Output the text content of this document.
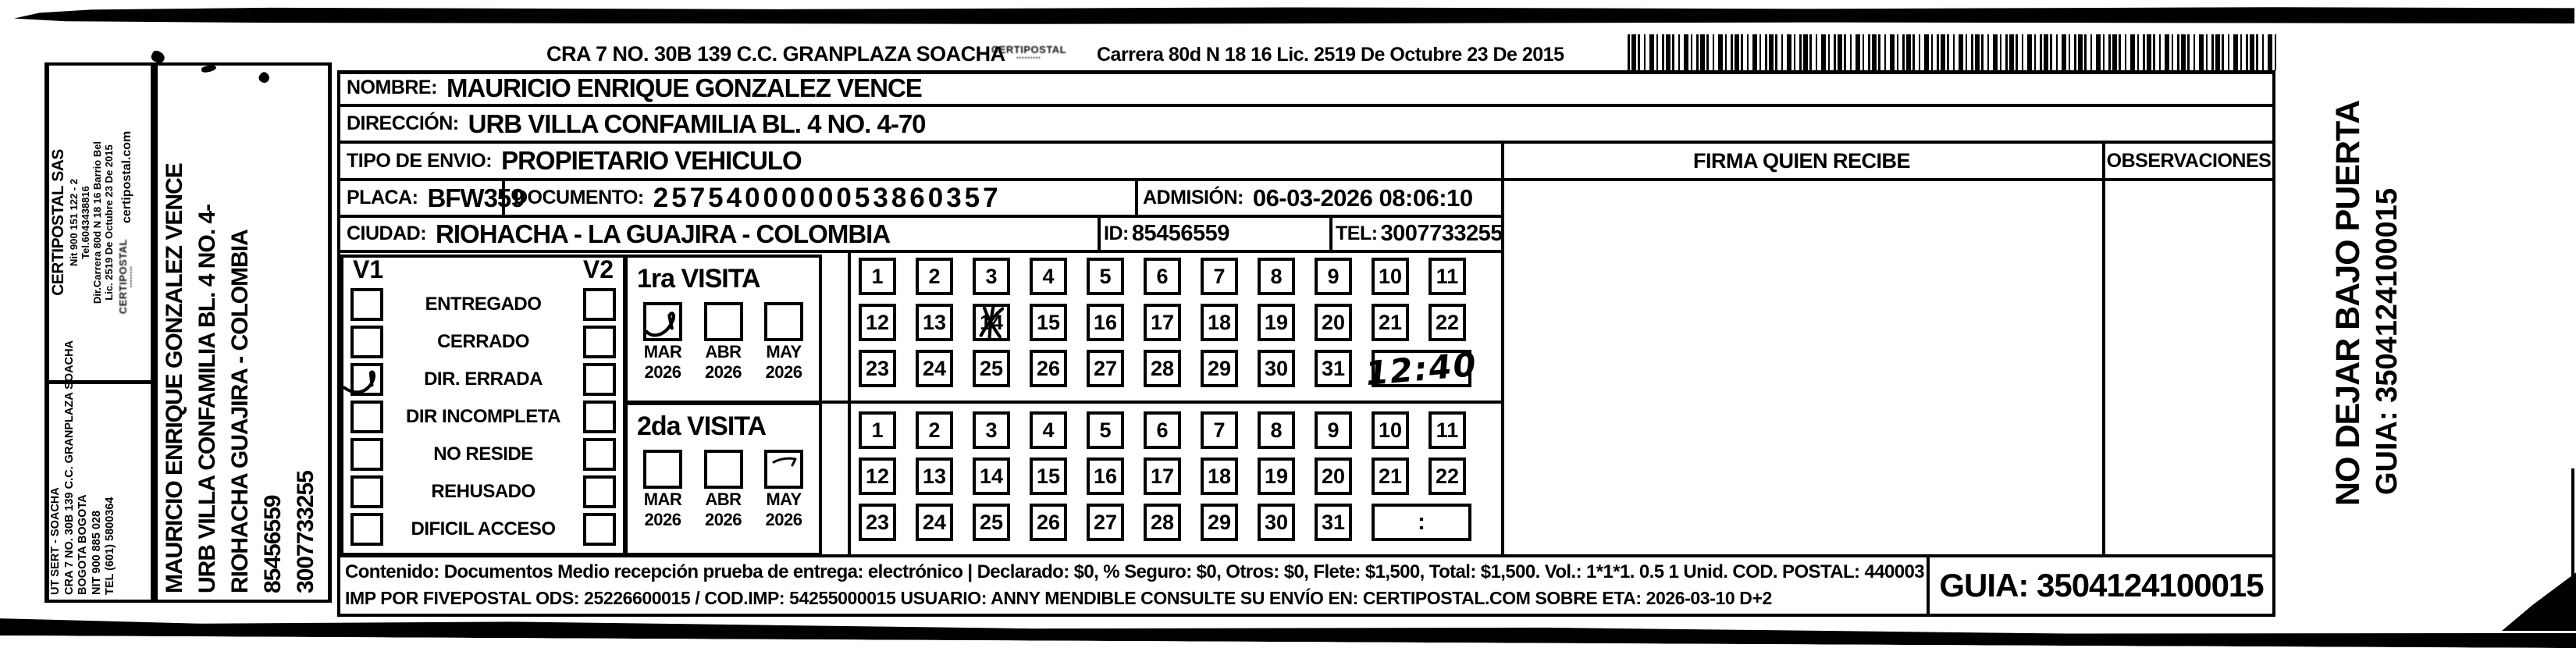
CERTIPOSTAL SAS Nit 900 151 122 - 2 Tel.6043438816 Dir.Carrera 80d N 18 16 Barrio Bel Lic. 2519 De Octubre 23 De 2015 CERTIPOSTAL ▪▪▪▪▪▪▪▪
certipostal.com
UT SERT - SOACHA CRA 7 NO. 30B 139 C.C. GRANPLAZA SOACHA BOGOTA BOGOTA NIT 900 885 028 TEL (601) 5800364 MAURICIO ENRIQUE GONZALEZ VENCE URB VILLA CONFAMILIA BL. 4 NO. 4- RIOHACHA GUAJIRA - COLOMBIA 85456559 3007733255
NO DEJAR BAJO PUERTA GUIA: 3504124100015
CRA 7 NO. 30B 139 C.C. GRANPLAZA SOACHA
CERTIPOSTAL
▪▪▪▪▪▪▪▪▪	Carrera 80d N 18 16 Lic. 2519 De Octubre 23 De 2015
NOMBRE: MAURICIO ENRIQUE GONZALEZ VENCE
DIRECCIÓN: URB VILLA CONFAMILIA BL. 4 NO. 4-70
TIPO DE ENVIO: PROPIETARIO VEHICULO	FIRMA QUIEN RECIBE	OBSERVACIONES
PLACA: BFW359
DOCUMENTO: 2575400000053860357	ADMISIÓN: 06-03-2026 08:06:10
CIUDAD: RIOHACHA - LA GUAJIRA - COLOMBIA	ID: 85456559	TEL: 3007733255
V1	V2
ENTREGADO
CERRADO
DIR. ERRADA
DIR INCOMPLETA
NO RESIDE
REHUSADO
DIFICIL ACCESO
1ra VISITA
MAR
2026
ABR
2026
MAY
2026
2da VISITA
MAR
2026
ABR
2026
MAY
2026
1 2 3 4 5 6 7 8 9 10 11
12 13 14 15 16 17 18 19 20 21 22
23 24 25 26 27 28 29 30 31 12:40
1 2 3 4 5 6 7 8 9 10 11
12 13 14 15 16 17 18 19 20 21 22
23 24 25 26 27 28 29 30 31	:
Contenido: Documentos Medio recepción prueba de entrega: electrónico | Declarado: $0, % Seguro: $0, Otros: $0, Flete: $1,500, Total: $1,500. Vol.: 1*1*1. 0.5 1 Unid. COD. POSTAL: 440003
IMP POR FIVEPOSTAL ODS: 25226600015 / COD.IMP: 54255000015 USUARIO: ANNY MENDIBLE CONSULTE SU ENVÍO EN: CERTIPOSTAL.COM SOBRE ETA: 2026-03-10 D+2	GUIA: 3504124100015
